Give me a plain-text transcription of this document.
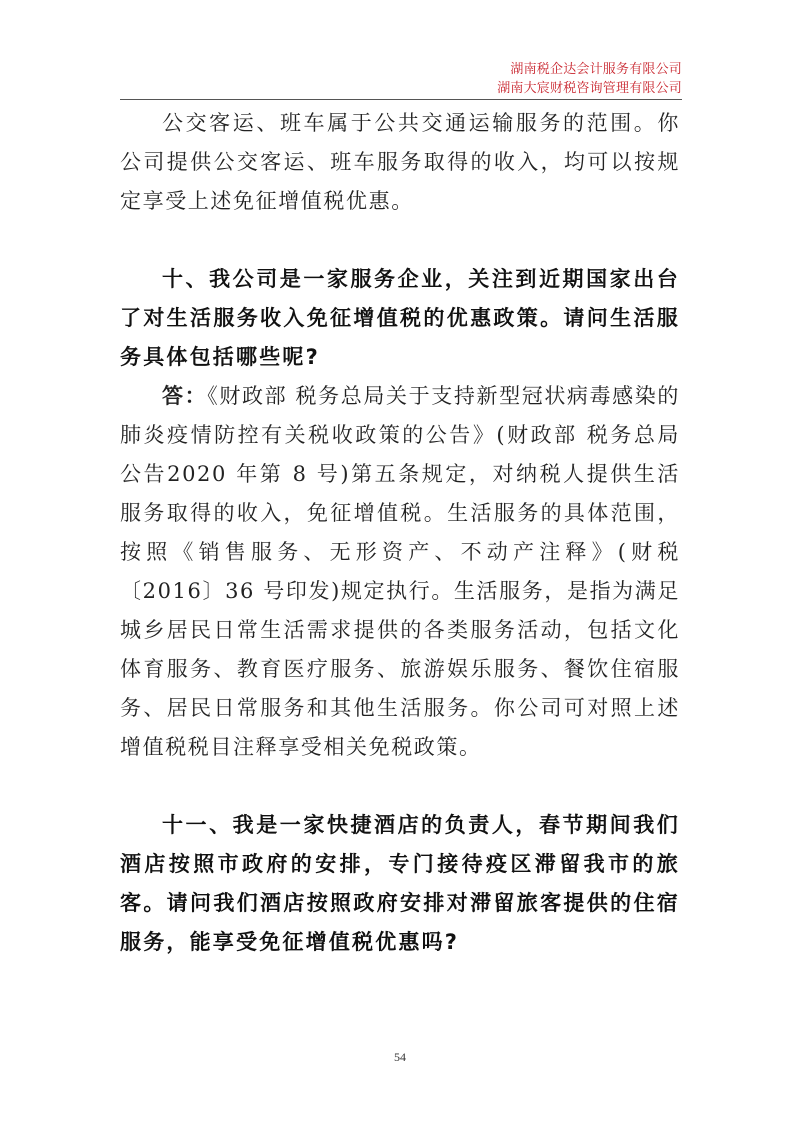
湖南税企达会计服务有限公司
湖南大宸财税咨询管理有限公司

公交客运、班车属于公共交通运输服务的范围。你公司提供公交客运、班车服务取得的收入，均可以按规定享受上述免征增值税优惠。

十、我公司是一家服务企业，关注到近期国家出台了对生活服务收入免征增值税的优惠政策。请问生活服务具体包括哪些呢?

答：《财政部 税务总局关于支持新型冠状病毒感染的肺炎疫情防控有关税收政策的公告》(财政部 税务总局公告2020 年第 8 号)第五条规定，对纳税人提供生活服务取得的收入，免征增值税。生活服务的具体范围，按照《销售服务、无形资产、不动产注释》(财税〔2016〕36 号印发)规定执行。生活服务，是指为满足城乡居民日常生活需求提供的各类服务活动，包括文化体育服务、教育医疗服务、旅游娱乐服务、餐饮住宿服务、居民日常服务和其他生活服务。你公司可对照上述增值税税目注释享受相关免税政策。

十一、我是一家快捷酒店的负责人，春节期间我们酒店按照市政府的安排，专门接待疫区滞留我市的旅客。请问我们酒店按照政府安排对滞留旅客提供的住宿服务，能享受免征增值税优惠吗?

54
